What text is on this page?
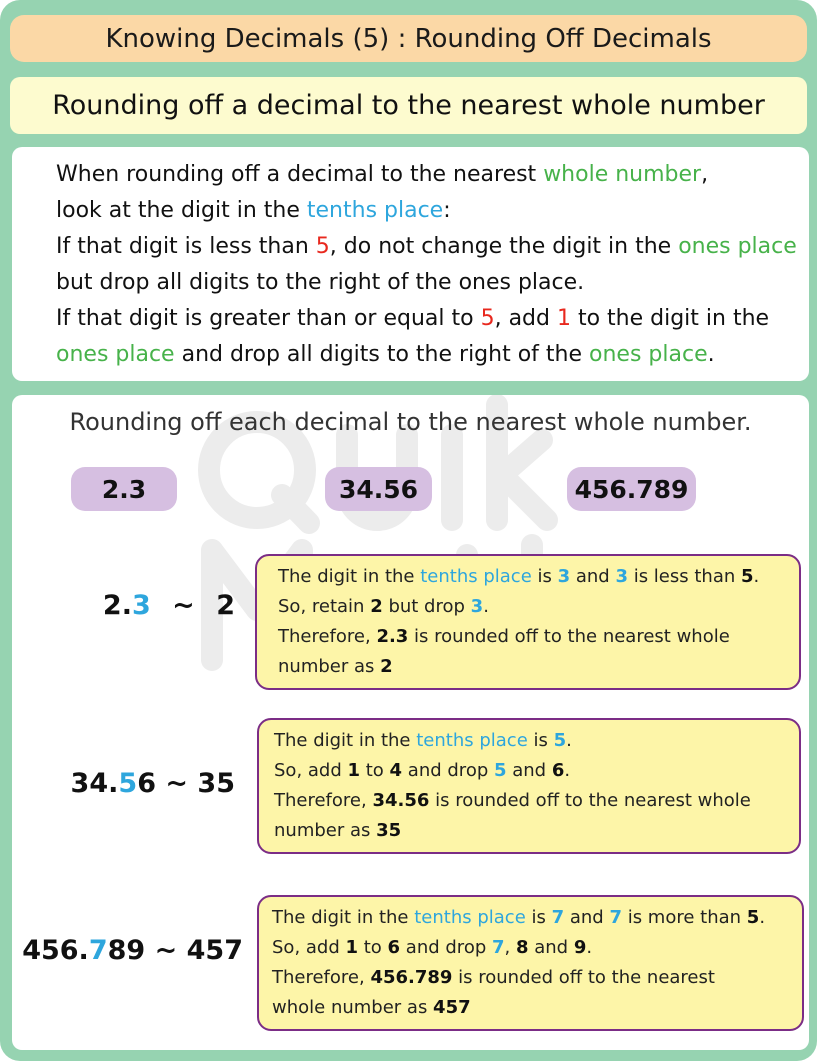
Knowing Decimals (5) : Rounding Off Decimals
Rounding off a decimal to the nearest whole number
When rounding off a decimal to the nearest whole number,
look at the digit in the tenths place:
If that digit is less than 5, do not change the digit in the ones place
but drop all digits to the right of the ones place.
If that digit is greater than or equal to 5, add 1 to the digit in the
ones place and drop all digits to the right of the ones place.
Rounding off each decimal to the nearest whole number.
2.3	34.56	456.789
2.3 ~ 2
The digit in the tenths place is 3 and 3 is less than 5.
So, retain 2 but drop 3.
Therefore, 2.3 is rounded off to the nearest whole
number as 2
34.56 ~ 35
The digit in the tenths place is 5.
So, add 1 to 4 and drop 5 and 6.
Therefore, 34.56 is rounded off to the nearest whole
number as 35
456.789 ~ 457
The digit in the tenths place is 7 and 7 is more than 5.
So, add 1 to 6 and drop 7, 8 and 9.
Therefore, 456.789 is rounded off to the nearest
whole number as 457
